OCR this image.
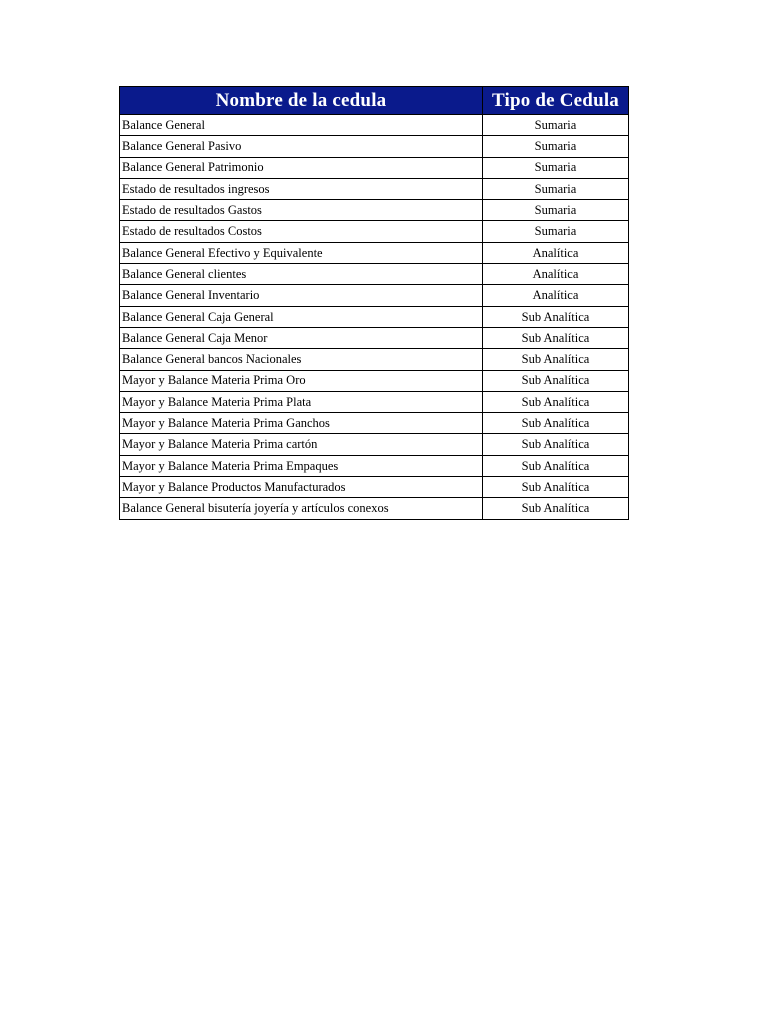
Nombre de la cedula	Tipo de Cedula
Balance General	Sumaria
Balance General Pasivo	Sumaria
Balance General Patrimonio	Sumaria
Estado de resultados ingresos	Sumaria
Estado de resultados Gastos	Sumaria
Estado de resultados Costos	Sumaria
Balance General Efectivo y Equivalente	Analítica
Balance General clientes	Analítica
Balance General Inventario	Analítica
Balance General Caja General	Sub Analítica
Balance General Caja Menor	Sub Analítica
Balance General bancos Nacionales	Sub Analítica
Mayor y Balance Materia Prima Oro	Sub Analítica
Mayor y Balance Materia Prima Plata	Sub Analítica
Mayor y Balance Materia Prima Ganchos	Sub Analítica
Mayor y Balance Materia Prima cartón	Sub Analítica
Mayor y Balance Materia Prima Empaques	Sub Analítica
Mayor y Balance Productos Manufacturados	Sub Analítica
Balance General bisutería joyería y artículos conexos	Sub Analítica
